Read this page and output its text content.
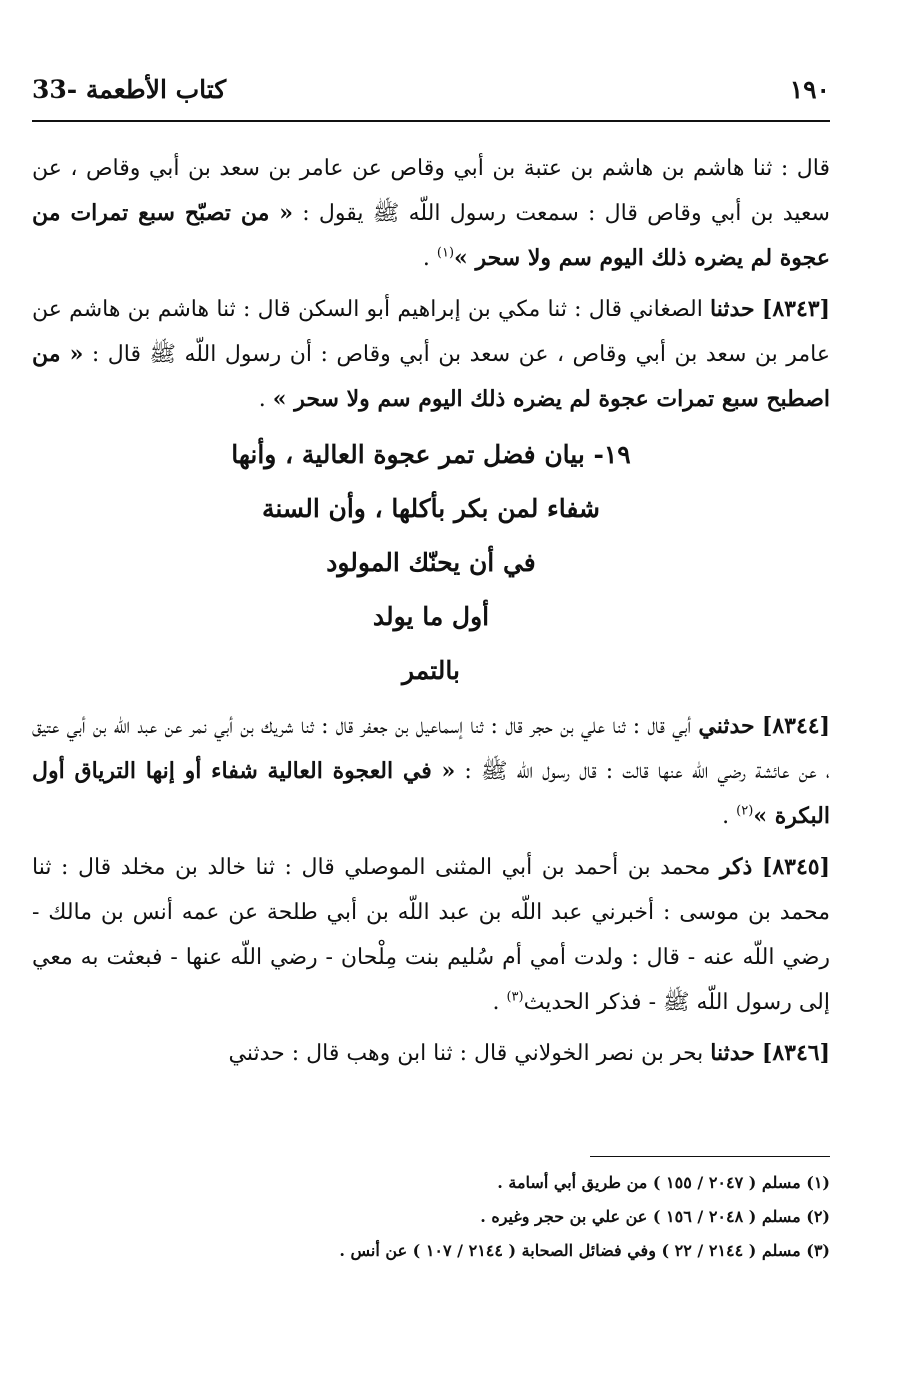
33- كتاب الأطعمة	١٩٠

قال : ثنا هاشم بن هاشم بن عتبة بن أبي وقاص عن عامر بن سعد بن أبي وقاص ، عن سعيد بن أبي وقاص قال : سمعت رسول اللّه ﷺ يقول : « من تصبّح سبع تمرات من عجوة لم يضره ذلك اليوم سم ولا سحر »$^{(١)}$ .

[٨٣٤٣] حدثنا الصغاني قال : ثنا مكي بن إبراهيم أبو السكن قال : ثنا هاشم بن هاشم عن عامر بن سعد بن أبي وقاص ، عن سعد بن أبي وقاص : أن رسول اللّه ﷺ قال : « من اصطبح سبع تمرات عجوة لم يضره ذلك اليوم سم ولا سحر » .

١٩- بيان فضل تمر عجوة العالية ، وأنها
شفاء لمن بكر بأكلها ، وأن السنة
في أن يحنّك المولود
أول ما يولد
بالتمر

[٨٣٤٤] حدثني أبي قال : ثنا علي بن حجر قال : ثنا إسماعيل بن جعفر قال : ثنا شريك بن أبي نمر عن عبد اللّه بن أبي عتيق ، عن عائشة رضي اللّه عنها قالت : قال رسول اللّه ﷺ : « في العجوة العالية شفاء أو إنها الترياق أول البكرة »$^{(٢)}$ .

[٨٣٤٥] ذكر محمد بن أحمد بن أبي المثنى الموصلي قال : ثنا خالد بن مخلد قال : ثنا محمد بن موسى : أخبرني عبد اللّه بن عبد اللّه بن أبي طلحة عن عمه أنس بن مالك - رضي اللّه عنه - قال : ولدت أمي أم سُليم بنت مِلْحان - رضي اللّه عنها - فبعثت به معي إلى رسول اللّه ﷺ - فذكر الحديث$^{(٣)}$ .

[٨٣٤٦] حدثنا بحر بن نصر الخولاني قال : ثنا ابن وهب قال : حدثني

(١) مسلم ( ٢٠٤٧ / ١٥٥ ) من طريق أبي أسامة .
(٢) مسلم ( ٢٠٤٨ / ١٥٦ ) عن علي بن حجر وغيره .
(٣) مسلم ( ٢١٤٤ / ٢٢ ) وفي فضائل الصحابة ( ٢١٤٤ / ١٠٧ ) عن أنس .
